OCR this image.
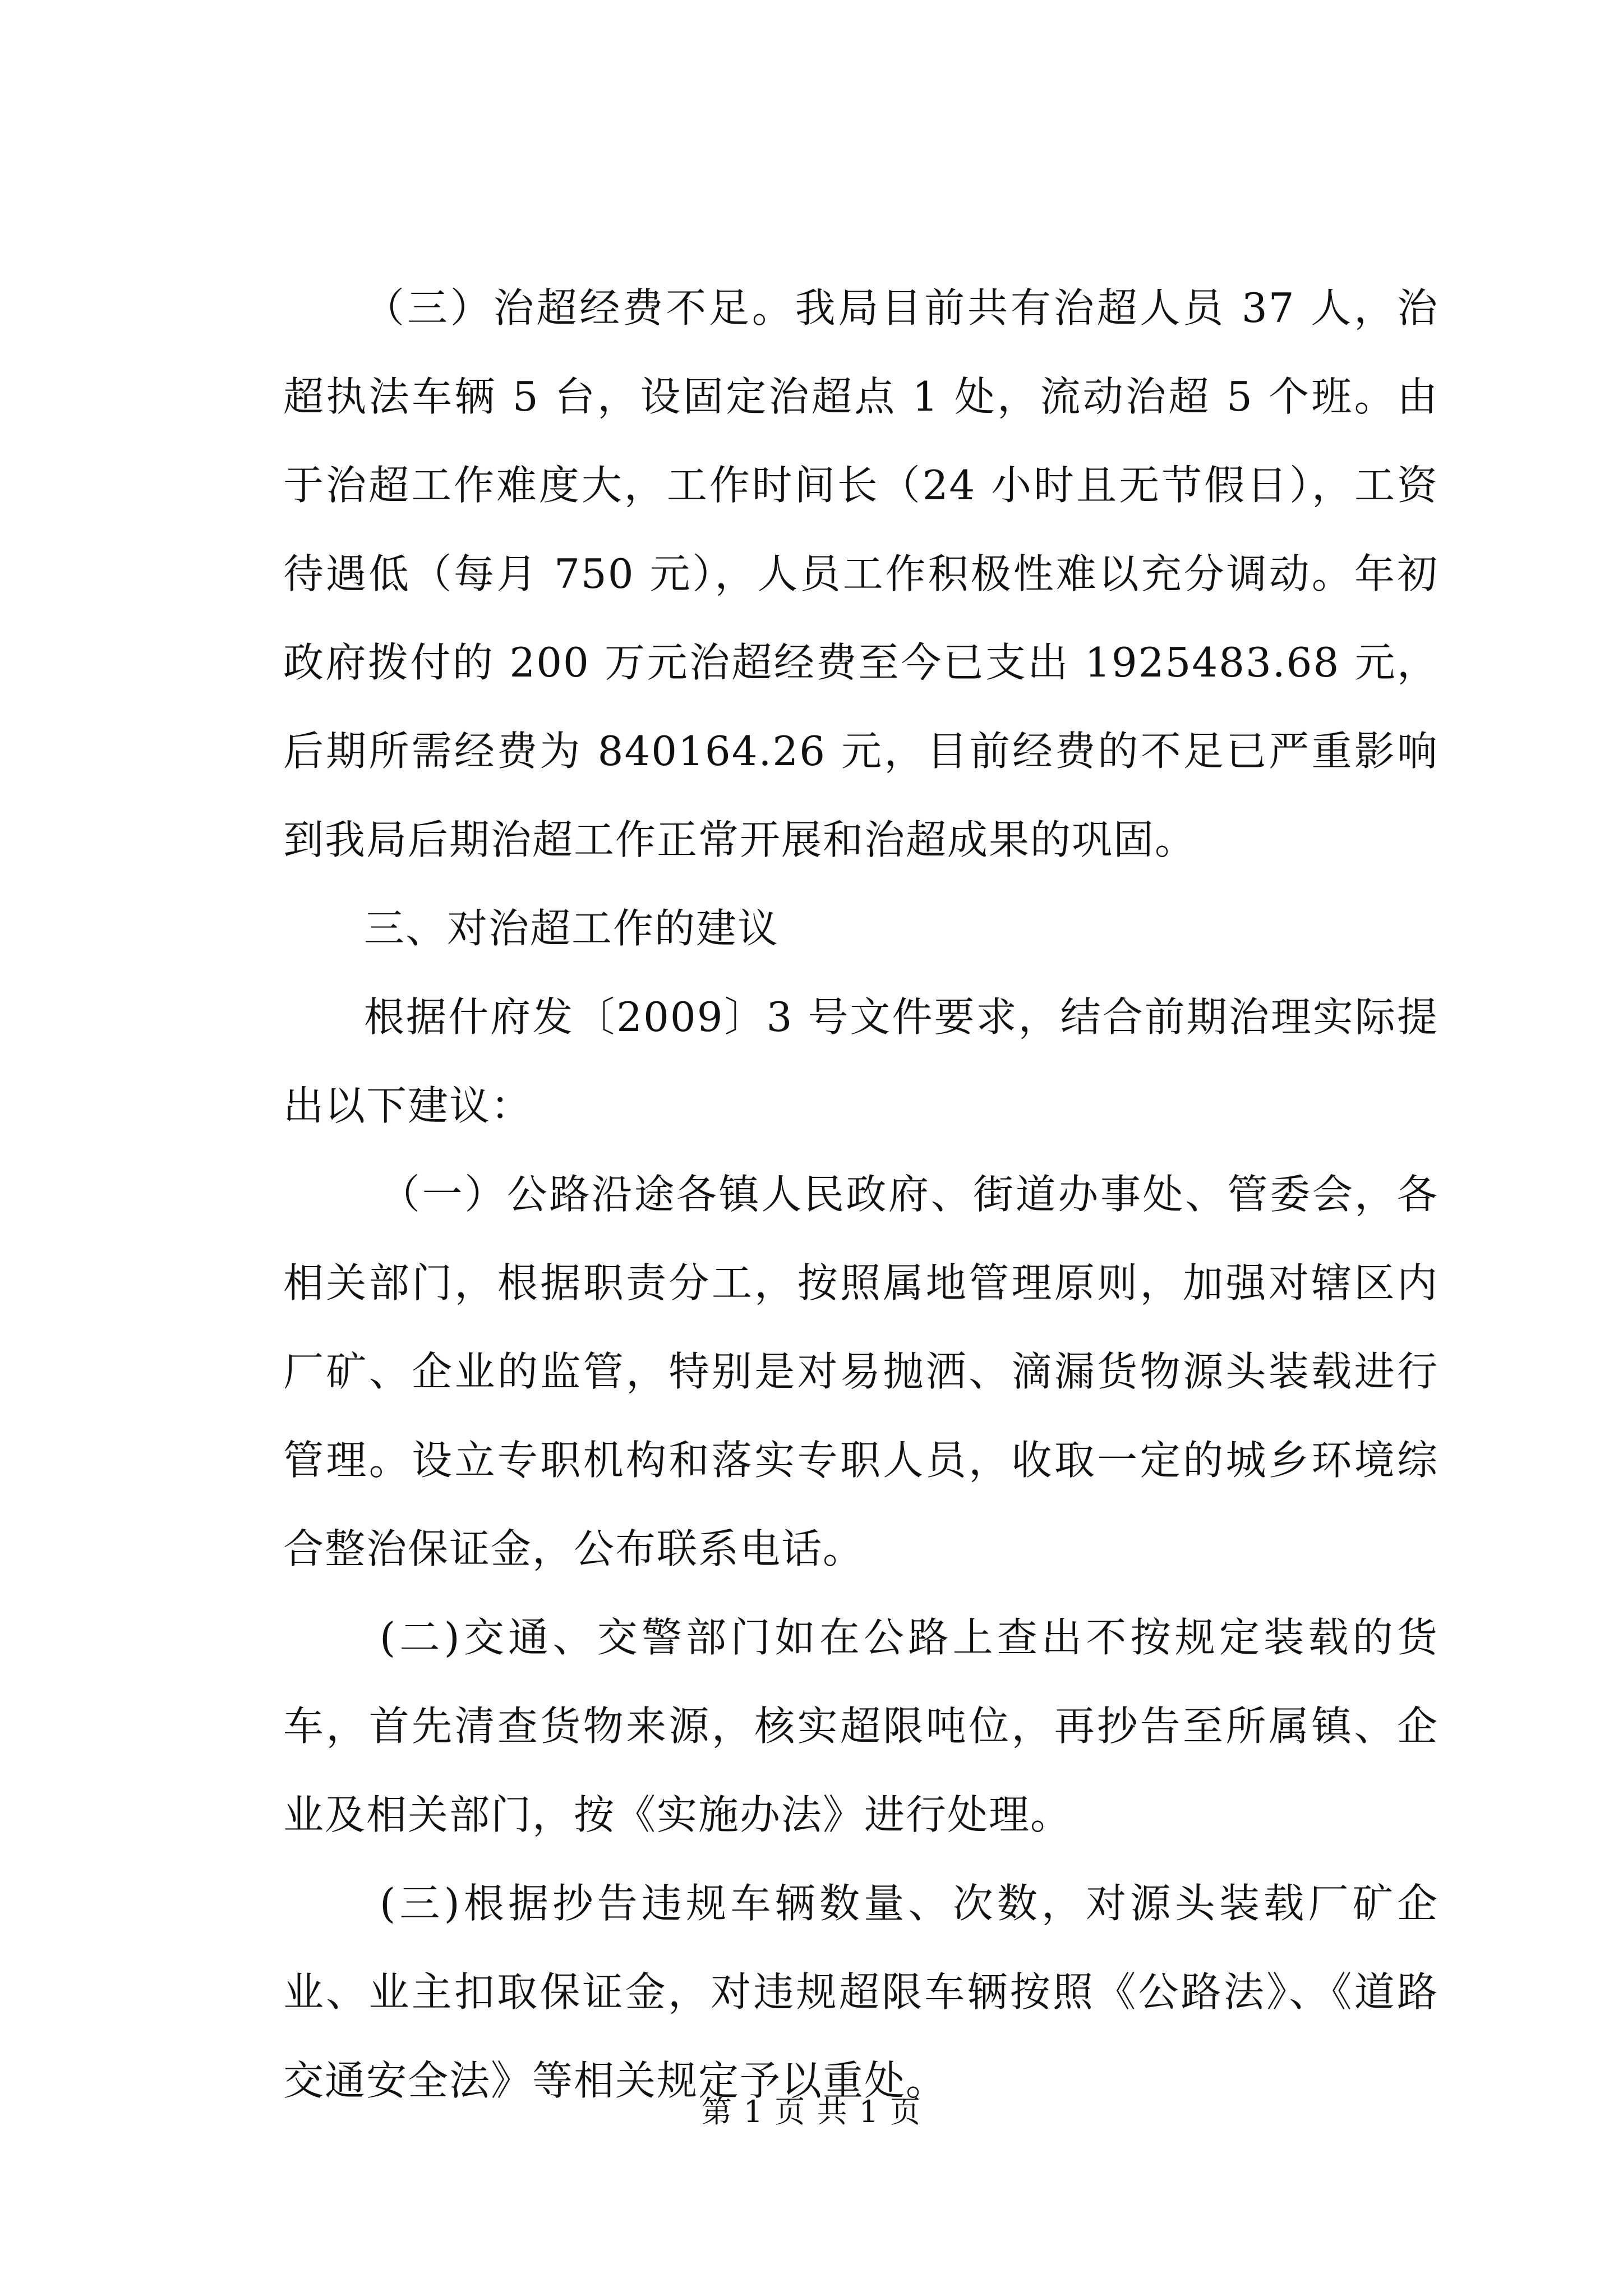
（三）治超经费不足。我局目前共有治超人员 37 人，治超执法车辆 5 台，设固定治超点 1 处，流动治超 5 个班。由于治超工作难度大，工作时间长（24 小时且无节假日），工资待遇低（每月 750 元），人员工作积极性难以充分调动。年初政府拨付的 200 万元治超经费至今已支出 1925483.68 元，后期所需经费为 840164.26 元，目前经费的不足已严重影响到我局后期治超工作正常开展和治超成果的巩固。

三、对治超工作的建议

根据什府发〔2009〕3 号文件要求，结合前期治理实际提出以下建议：

（一）公路沿途各镇人民政府、街道办事处、管委会，各相关部门，根据职责分工，按照属地管理原则，加强对辖区内厂矿、企业的监管，特别是对易抛洒、滴漏货物源头装载进行管理。设立专职机构和落实专职人员，收取一定的城乡环境综合整治保证金，公布联系电话。

(二)交通、交警部门如在公路上查出不按规定装载的货车，首先清查货物来源，核实超限吨位，再抄告至所属镇、企业及相关部门，按《实施办法》进行处理。

(三)根据抄告违规车辆数量、次数，对源头装载厂矿企业、业主扣取保证金，对违规超限车辆按照《公路法》、《道路交通安全法》等相关规定予以重处。

第 1 页 共 1 页
